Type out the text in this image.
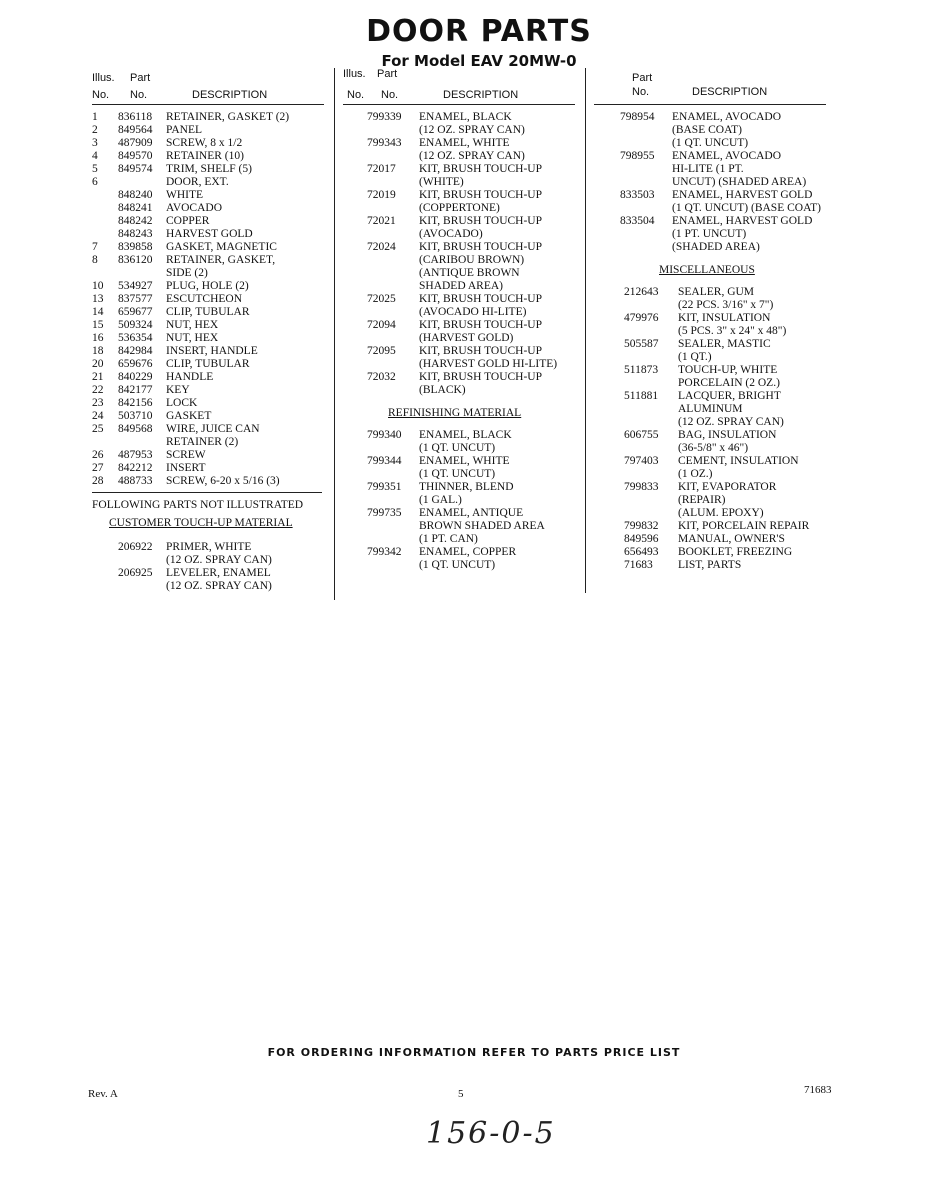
DOOR PARTS
For Model EAV 20MW-0
Illus. Part
No. No.	DESCRIPTION
1	836118	RETAINER, GASKET (2)
2	849564	PANEL
3	487909	SCREW, 8 x 1/2
4	849570	RETAINER (10)
5	849574	TRIM, SHELF (5)
6	DOOR, EXT.
848240	WHITE
848241	AVOCADO
848242	COPPER
848243	HARVEST GOLD
7	839858	GASKET, MAGNETIC
8	836120	RETAINER, GASKET,
SIDE (2)
10	534927	PLUG, HOLE (2)
13	837577	ESCUTCHEON
14	659677	CLIP, TUBULAR
15	509324	NUT, HEX
16	536354	NUT, HEX
18	842984	INSERT, HANDLE
20	659676	CLIP, TUBULAR
21	840229	HANDLE
22	842177	KEY
23	842156	LOCK
24	503710	GASKET
25	849568	WIRE, JUICE CAN
RETAINER (2)
26	487953	SCREW
27	842212	INSERT
28	488733	SCREW, 6-20 x 5/16 (3)
FOLLOWING PARTS NOT ILLUSTRATED
CUSTOMER TOUCH-UP MATERIAL
206922	PRIMER, WHITE
(12 OZ. SPRAY CAN)
206925	LEVELER, ENAMEL
(12 OZ. SPRAY CAN)
Illus. Part
No. No.	DESCRIPTION
799339	ENAMEL, BLACK
(12 OZ. SPRAY CAN)
799343	ENAMEL, WHITE
(12 OZ. SPRAY CAN)
72017	KIT, BRUSH TOUCH-UP
(WHITE)
72019	KIT, BRUSH TOUCH-UP
(COPPERTONE)
72021	KIT, BRUSH TOUCH-UP
(AVOCADO)
72024	KIT, BRUSH TOUCH-UP
(CARIBOU BROWN)
(ANTIQUE BROWN
SHADED AREA)
72025	KIT, BRUSH TOUCH-UP
(AVOCADO HI-LITE)
72094	KIT, BRUSH TOUCH-UP
(HARVEST GOLD)
72095	KIT, BRUSH TOUCH-UP
(HARVEST GOLD HI-LITE)
72032	KIT, BRUSH TOUCH-UP
(BLACK)
REFINISHING MATERIAL
799340	ENAMEL, BLACK
(1 QT. UNCUT)
799344	ENAMEL, WHITE
(1 QT. UNCUT)
799351	THINNER, BLEND
(1 GAL.)
799735	ENAMEL, ANTIQUE
BROWN SHADED AREA
(1 PT. CAN)
799342	ENAMEL, COPPER
(1 QT. UNCUT)
Part
No.	DESCRIPTION
798954	ENAMEL, AVOCADO
(BASE COAT)
(1 QT. UNCUT)
798955	ENAMEL, AVOCADO
HI-LITE (1 PT.
UNCUT) (SHADED AREA)
833503	ENAMEL, HARVEST GOLD
(1 QT. UNCUT) (BASE COAT)
833504	ENAMEL, HARVEST GOLD
(1 PT. UNCUT)
(SHADED AREA)
MISCELLANEOUS
212643	SEALER, GUM
(22 PCS. 3/16" x 7")
479976	KIT, INSULATION
(5 PCS. 3" x 24" x 48")
505587	SEALER, MASTIC
(1 QT.)
511873	TOUCH-UP, WHITE
PORCELAIN (2 OZ.)
511881	LACQUER, BRIGHT
ALUMINUM
(12 OZ. SPRAY CAN)
606755	BAG, INSULATION
(36-5/8" x 46")
797403	CEMENT, INSULATION
(1 OZ.)
799833	KIT, EVAPORATOR
(REPAIR)
(ALUM. EPOXY)
799832	KIT, PORCELAIN REPAIR
849596	MANUAL, OWNER'S
656493	BOOKLET, FREEZING
71683	LIST, PARTS
FOR ORDERING INFORMATION REFER TO PARTS PRICE LIST
Rev. A	5	71683
156-0-5
